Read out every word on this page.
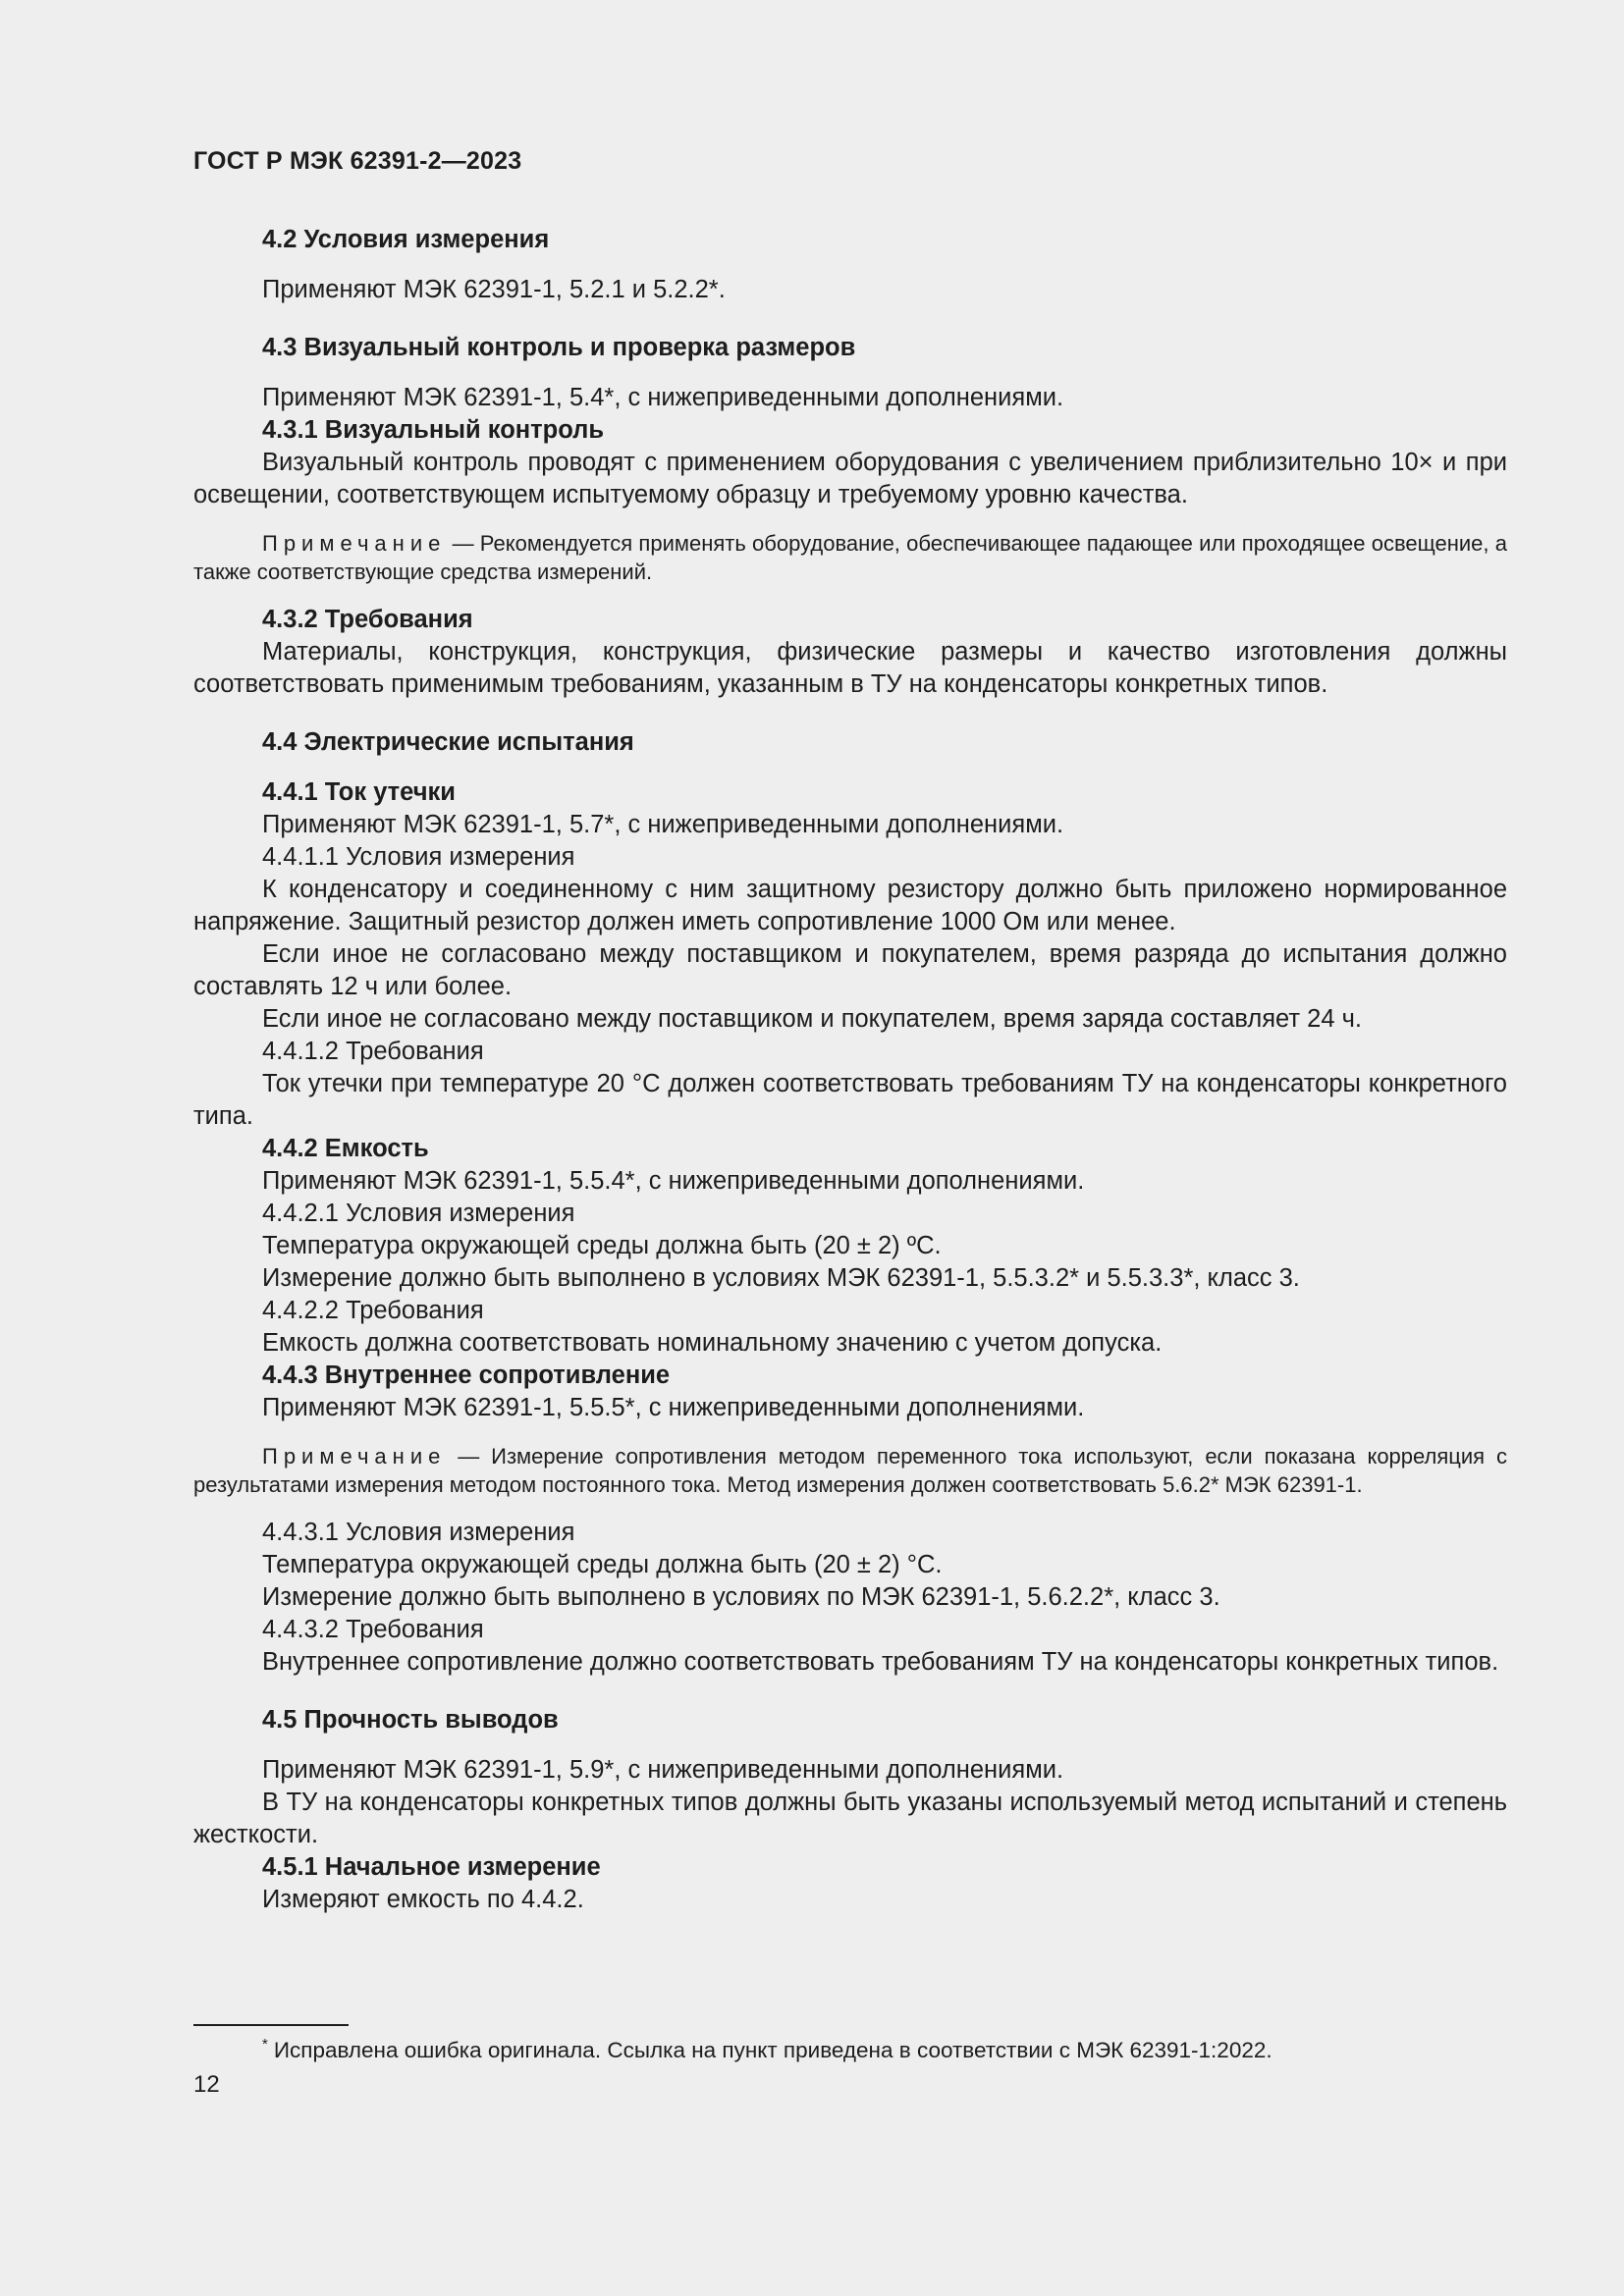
ГОСТ Р МЭК 62391-2—2023
4.2 Условия измерения
Применяют МЭК 62391-1, 5.2.1 и 5.2.2*.
4.3 Визуальный контроль и проверка размеров
Применяют МЭК 62391-1, 5.4*, с нижеприведенными дополнениями.
4.3.1 Визуальный контроль
Визуальный контроль проводят с применением оборудования с увеличением приблизительно 10× и при освещении, соответствующем испытуемому образцу и требуемому уровню качества.
Примечание — Рекомендуется применять оборудование, обеспечивающее падающее или проходящее освещение, а также соответствующие средства измерений.
4.3.2 Требования
Материалы, конструкция, конструкция, физические размеры и качество изготовления должны соответствовать применимым требованиям, указанным в ТУ на конденсаторы конкретных типов.
4.4 Электрические испытания
4.4.1 Ток утечки
Применяют МЭК 62391-1, 5.7*, с нижеприведенными дополнениями.
4.4.1.1 Условия измерения
К конденсатору и соединенному с ним защитному резистору должно быть приложено нормированное напряжение. Защитный резистор должен иметь сопротивление 1000 Ом или менее.
Если иное не согласовано между поставщиком и покупателем, время разряда до испытания должно составлять 12 ч или более.
Если иное не согласовано между поставщиком и покупателем, время заряда составляет 24 ч.
4.4.1.2 Требования
Ток утечки при температуре 20 °С должен соответствовать требованиям ТУ на конденсаторы конкретного типа.
4.4.2 Емкость
Применяют МЭК 62391-1, 5.5.4*, с нижеприведенными дополнениями.
4.4.2.1 Условия измерения
Температура окружающей среды должна быть (20 ± 2) ºС.
Измерение должно быть выполнено в условиях МЭК 62391-1, 5.5.3.2* и 5.5.3.3*, класс 3.
4.4.2.2 Требования
Емкость должна соответствовать номинальному значению с учетом допуска.
4.4.3 Внутреннее сопротивление
Применяют МЭК 62391-1, 5.5.5*, с нижеприведенными дополнениями.
Примечание — Измерение сопротивления методом переменного тока используют, если показана корреляция с результатами измерения методом постоянного тока. Метод измерения должен соответствовать 5.6.2* МЭК 62391-1.
4.4.3.1 Условия измерения
Температура окружающей среды должна быть (20 ± 2) °С.
Измерение должно быть выполнено в условиях по МЭК 62391-1, 5.6.2.2*, класс 3.
4.4.3.2 Требования
Внутреннее сопротивление должно соответствовать требованиям ТУ на конденсаторы конкретных типов.
4.5 Прочность выводов
Применяют МЭК 62391-1, 5.9*, с нижеприведенными дополнениями.
В ТУ на конденсаторы конкретных типов должны быть указаны используемый метод испытаний и степень жесткости.
4.5.1 Начальное измерение
Измеряют емкость по 4.4.2.
* Исправлена ошибка оригинала. Ссылка на пункт приведена в соответствии с МЭК 62391-1:2022.
12
